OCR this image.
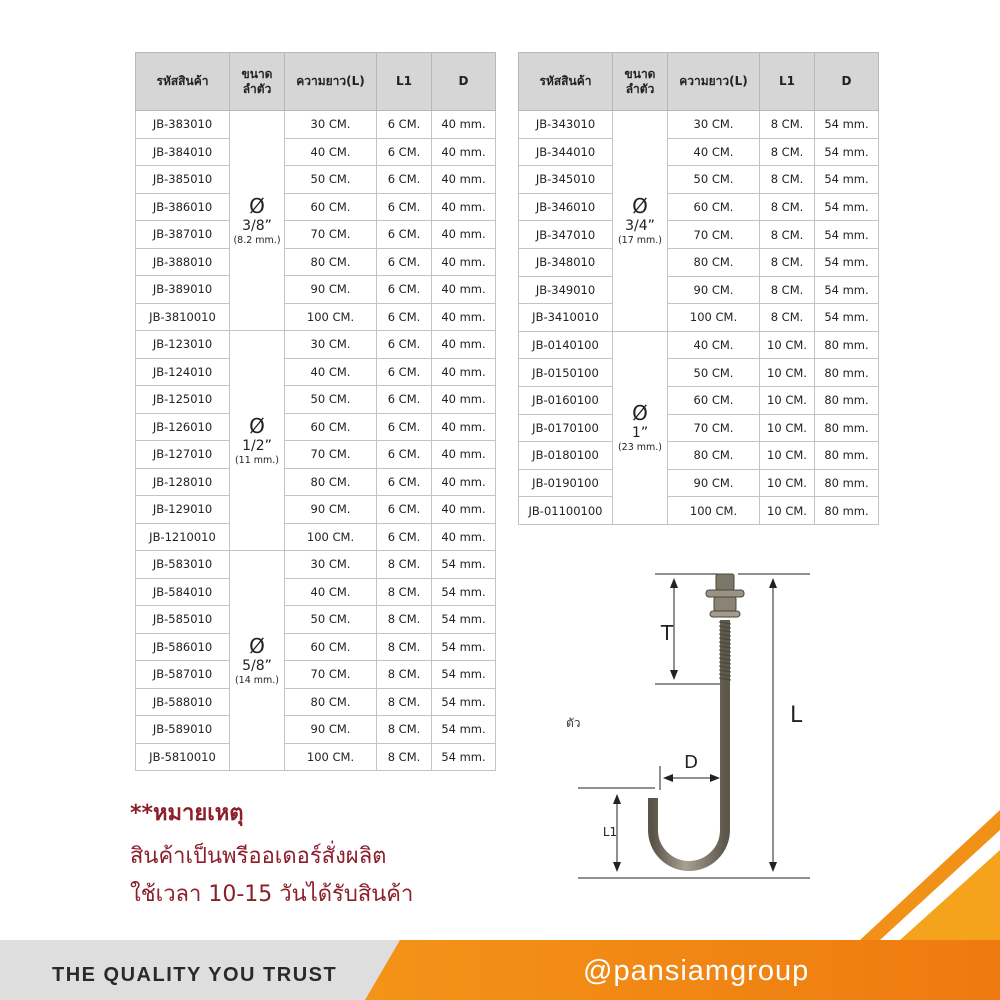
รหัสสินค้า	ขนาด
ลำตัว	ความยาว(L)	L1	D
JB-383010	Ø
3/8”
(8.2 mm.)	30 CM.	6 CM.	40 mm.
JB-384010		40 CM.	6 CM.	40 mm.
JB-385010		50 CM.	6 CM.	40 mm.
JB-386010		60 CM.	6 CM.	40 mm.
JB-387010		70 CM.	6 CM.	40 mm.
JB-388010		80 CM.	6 CM.	40 mm.
JB-389010		90 CM.	6 CM.	40 mm.
JB-3810010		100 CM.	6 CM.	40 mm.
JB-123010	Ø
1/2”
(11 mm.)	30 CM.	6 CM.	40 mm.
JB-124010		40 CM.	6 CM.	40 mm.
JB-125010		50 CM.	6 CM.	40 mm.
JB-126010		60 CM.	6 CM.	40 mm.
JB-127010		70 CM.	6 CM.	40 mm.
JB-128010		80 CM.	6 CM.	40 mm.
JB-129010		90 CM.	6 CM.	40 mm.
JB-1210010		100 CM.	6 CM.	40 mm.
JB-583010	Ø
5/8”
(14 mm.)	30 CM.	8 CM.	54 mm.
JB-584010		40 CM.	8 CM.	54 mm.
JB-585010		50 CM.	8 CM.	54 mm.
JB-586010		60 CM.	8 CM.	54 mm.
JB-587010		70 CM.	8 CM.	54 mm.
JB-588010		80 CM.	8 CM.	54 mm.
JB-589010		90 CM.	8 CM.	54 mm.
JB-5810010		100 CM.	8 CM.	54 mm.
รหัสสินค้า	ขนาด
ลำตัว	ความยาว(L)	L1	D
JB-343010	Ø
3/4”
(17 mm.)	30 CM.	8 CM.	54 mm.
JB-344010		40 CM.	8 CM.	54 mm.
JB-345010		50 CM.	8 CM.	54 mm.
JB-346010		60 CM.	8 CM.	54 mm.
JB-347010		70 CM.	8 CM.	54 mm.
JB-348010		80 CM.	8 CM.	54 mm.
JB-349010		90 CM.	8 CM.	54 mm.
JB-3410010		100 CM.	8 CM.	54 mm.
JB-0140100	Ø
1”
(23 mm.)	40 CM.	10 CM.	80 mm.
JB-0150100		50 CM.	10 CM.	80 mm.
JB-0160100		60 CM.	10 CM.	80 mm.
JB-0170100		70 CM.	10 CM.	80 mm.
JB-0180100		80 CM.	10 CM.	80 mm.
JB-0190100		90 CM.	10 CM.	80 mm.
JB-01100100		100 CM.	10 CM.	80 mm.
ตัว
T
L
D
L1
**หมายเหตุ
สินค้าเป็นพรีออเดอร์สั่งผลิต
ใช้เวลา 10-15 วันได้รับสินค้า
THE QUALITY YOU TRUST	@pansiamgroup
